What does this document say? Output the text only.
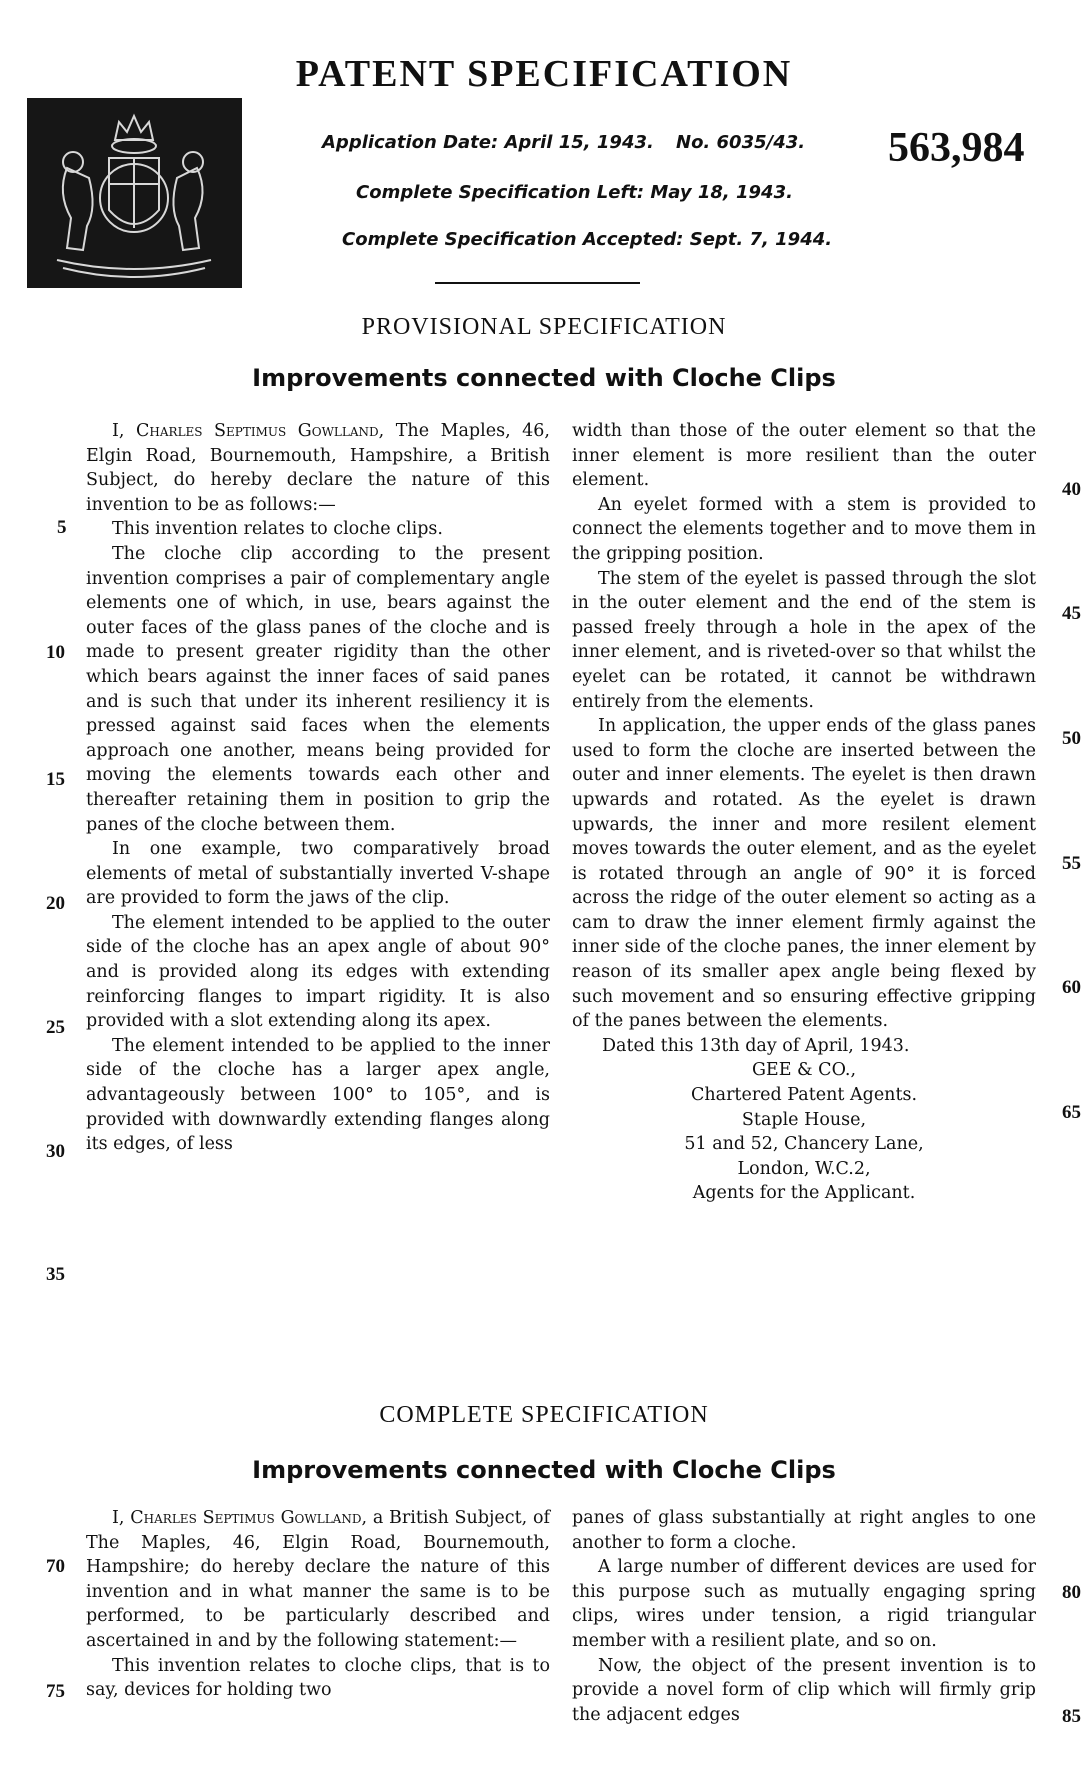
PATENT SPECIFICATION
Application Date: April 15, 1943. No. 6035/43. 563,984
Complete Specification Left: May 18, 1943.
Complete Specification Accepted: Sept. 7, 1944.
PROVISIONAL SPECIFICATION
Improvements connected with Cloche Clips

I, Charles Septimus Gowlland, The Maples, 46, Elgin Road, Bournemouth, Hampshire, a British Subject, do hereby declare the nature of this invention to be as follows:—

This invention relates to cloche clips.

The cloche clip according to the present invention comprises a pair of complementary angle elements one of which, in use, bears against the outer faces of the glass panes of the cloche and is made to present greater rigidity than the other which bears against the inner faces of said panes and is such that under its inherent resiliency it is pressed against said faces when the elements approach one another, means being provided for moving the elements towards each other and thereafter retaining them in position to grip the panes of the cloche between them.

In one example, two comparatively broad elements of metal of substantially inverted V-shape are provided to form the jaws of the clip.

The element intended to be applied to the outer side of the cloche has an apex angle of about 90° and is provided along its edges with extending reinforcing flanges to impart rigidity. It is also provided with a slot extending along its apex.

The element intended to be applied to the inner side of the cloche has a larger apex angle, advantageously between 100° to 105°, and is provided with downwardly extending flanges along its edges, of less

width than those of the outer element so that the inner element is more resilient than the outer element.

An eyelet formed with a stem is provided to connect the elements together and to move them in the gripping position.

The stem of the eyelet is passed through the slot in the outer element and the end of the stem is passed freely through a hole in the apex of the inner element, and is riveted-over so that whilst the eyelet can be rotated, it cannot be withdrawn entirely from the elements.

In application, the upper ends of the glass panes used to form the cloche are inserted between the outer and inner elements. The eyelet is then drawn upwards and rotated. As the eyelet is drawn upwards, the inner and more resilent element moves towards the outer element, and as the eyelet is rotated through an angle of 90° it is forced across the ridge of the outer element so acting as a cam to draw the inner element firmly against the inner side of the cloche panes, the inner element by reason of its smaller apex angle being flexed by such movement and so ensuring effective gripping of the panes between the elements.

Dated this 13th day of April, 1943.

GEE & CO.,

Chartered Patent Agents.

Staple House,

51 and 52, Chancery Lane,

London, W.C.2,

Agents for the Applicant.

5
10
15
20
25
30
35
40
45
50
55
60
65
COMPLETE SPECIFICATION
Improvements connected with Cloche Clips

I, Charles Septimus Gowlland, a British Subject, of The Maples, 46, Elgin Road, Bournemouth, Hampshire; do hereby declare the nature of this invention and in what manner the same is to be performed, to be particularly described and ascertained in and by the following statement:—

This invention relates to cloche clips, that is to say, devices for holding two

panes of glass substantially at right angles to one another to form a cloche.

A large number of different devices are used for this purpose such as mutually engaging spring clips, wires under tension, a rigid triangular member with a resilient plate, and so on.

Now, the object of the present invention is to provide a novel form of clip which will firmly grip the adjacent edges

70
75
80
85
